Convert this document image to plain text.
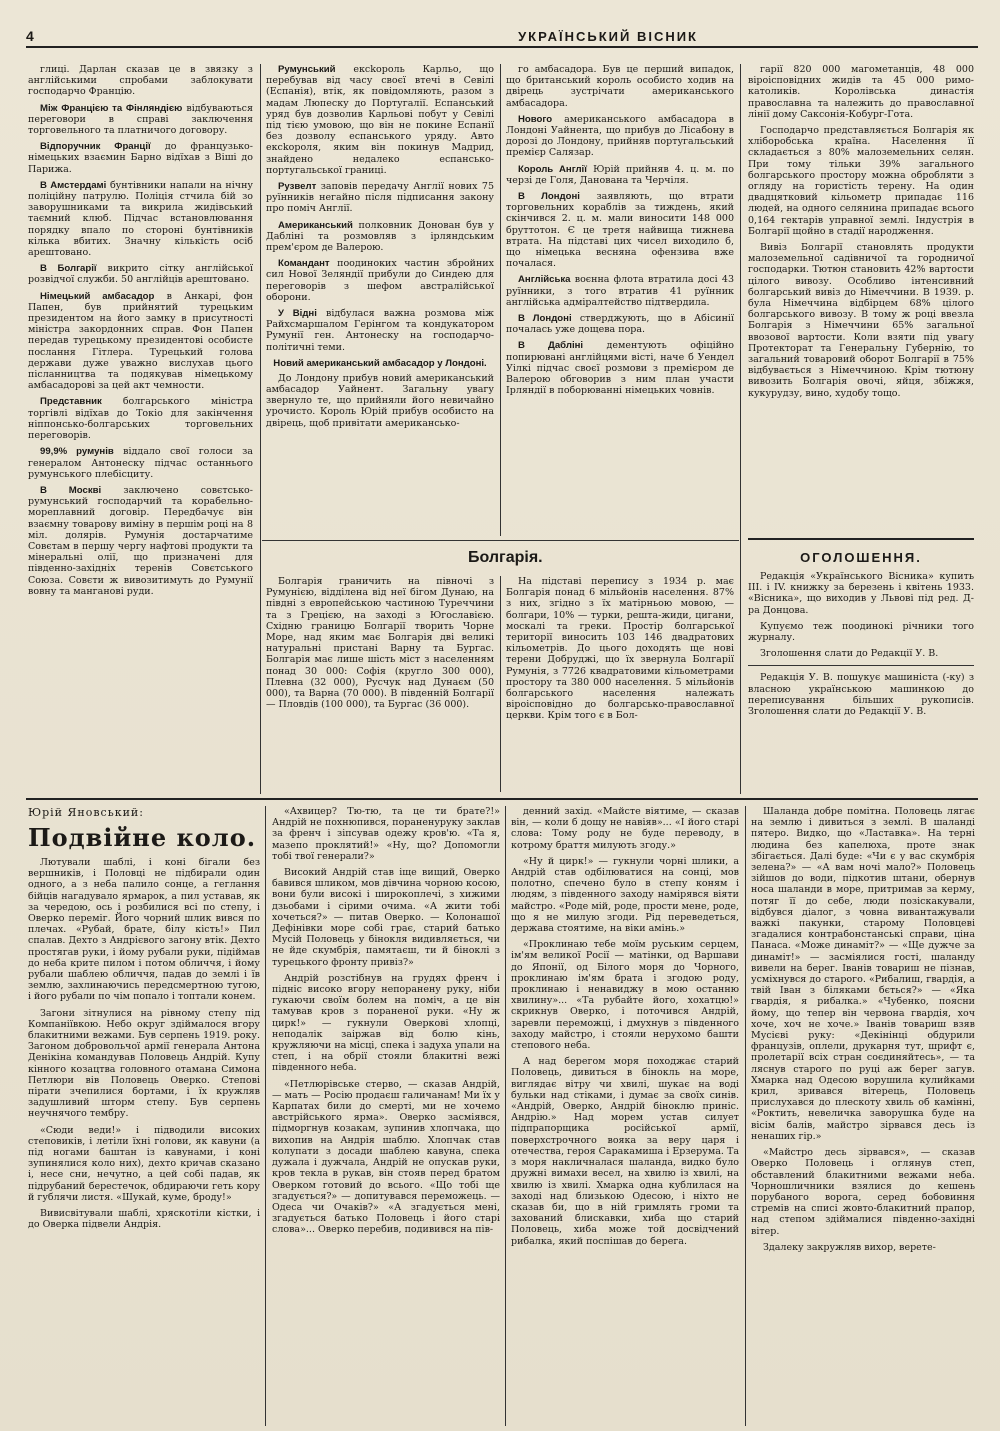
4	УКРАЇНСЬКИЙ ВІСНИК
глиці. Дарлан сказав це в звязку з англійськими спробами заблокувати господарчо Францію.
Між Францією та Фінляндією відбуваються переговори в справі заключення торговельного та платничого договору.
Відпоручник Франції до французько-німецьких взаємин Барно відїхав з Віші до Парижа.
В Амстердамі бунтівники напали на нічну поліційну патрулю. Поліція стчила бій зо заворушниками та викрила жидівський таємний клюб. Підчас встановлювання порядку впало по стороні бунтівників кілька вбитих. Значну кількість осіб арештовано.
В Болгарії викрито сітку англійської розвідчої служби. 50 англійців арештовано.
Німецький амбасадор в Анкарі, фон Папен, був прийнятий турецьким президентом на його замку в присутності міністра закордонних справ. Фон Папен передав турецькому президентові особисте послання Гітлера. Турецький голова держави дуже уважно вислухав цього післанництва та подякував німецькому амбасадорові за цей акт чемности.
Представник болгарського міністра торгівлі відїхав до Токіо для закінчення ніппонсько-болгарських торговельних переговорів.
99,9% румунів віддало свої голоси за генералом Антонеску підчас останнього румунського плебісциту.
В Москві заключено совєтсько-румунський господарчий та корабельно-мореплавний договір. Передбачує він взаємну товарову виміну в першім році на 8 міл. долярів. Румунія достарчатиме Совєтам в першу чергу нафтові продукти та мінеральні олії, що призначені для південно-західніх теренів Совєтського Союза. Совєти ж вивозитимуть до Румунії вовну та мангановi руди.
Румунський ексkороль Карльо, що перебував від часу своєї втечі в Севілі (Еспанія), втік, як повідомляють, разом з мадам Люпеску до Португалії. Еспанський уряд був дозволив Карльові побут у Севілі під тією умовою, що він не покине Еспанії без дозволу еспанського уряду. Авто ексkороля, яким він покинув Мадрид, знайдено недалеко еспансько-португальської границі.
Рузвелт заповів передачу Англії нових 75 руїнників негайно після підписання закону про поміч Англії.
Американський полковник Донован був у Дабліні та розмовляв з ірляндським прем'єром де Валерою.
Командант поодиноких частин збройних сил Нової Зеляндії прибули до Синдею для переговорів з шефом австралійської оборони.
У Відні відбулася важна розмова між Райхсмаршалом Герінгом та кондукатором Румунії ген. Антонеску на господарчо-політичні теми.
Новий американський амбасадор у Лондоні.
До Лондону прибув новий американський амбасадор Уайнент. Загальну увагу звернуло те, що прийняли його невичайно урочисто. Король Юрій прибув особисто на двірець, щоб привітати американсько-
го амбасадора. Був це перший випадок, що британський король особисто ходив на двірець зустрічати американського амбасадора.
Нового американського амбасадора в Лондоні Уайнента, що прибув до Лісабону в дорозі до Лондону, прийняв португальський премієр Салязар.
Король Англії Юрій прийняв 4. ц. м. по черзі де Голя, Данована та Черчіля.
В Лондоні заявляють, що втрати торговельних кораблів за тиждень, який скінчився 2. ц. м. мали виносити 148 000 бруттотон. Є це третя найвища тижнева втрата. На підставі цих чисел виходило б, що німецька весняна офензива вже почалася.
Англійська воєнна флота втратила досі 43 руїнники, з того втратив 41 руїнник англійська адміралтейство підтвердила.
В Лондоні стверджують, що в Абісинії почалась уже дощева пора.
В Дабліні дементують офіційно попирювані англійцями вісті, наче б Уендел Уілкі підчас своєї розмови з премієром де Валерою обговорив з ним план участи Ірляндії в поборюванні німецьких човнів.
гарії 820 000 магометанців, 48 000 віроісповідних жидів та 45 000 римо-католиків. Королівська династія православна та належить до православної лінії дому Саксонія-Кобург-Гота.
Господарчо представляється Болгарія як хліборобська країна. Населення її складається з 80% малоземельних селян. При тому тільки 39% загального болгарського простору можна обробляти з огляду на гористість терену. На один двадцятковий кільометр припадає 116 людей, на одного селянина припадає всього 0,164 гектарів управної землі. Індустрія в Болгарії щойно в стадії народження.
Вивіз Болгарії становлять продукти малоземельної садівничої та городничої господарки. Тютюн становить 42% вартости цілого вивозу. Особливо інтенсивний болгарський вивіз до Німеччини. В 1939. р. була Німеччина відбірцем 68% цілого болгарського вивозу. В тому ж році ввезла Болгарія з Німеччини 65% загальної ввозової вартости. Коли взяти під увагу Протекторат та Генеральну Губернію, то загальний товаровий оборот Болгарії в 75% відбувається з Німеччиною. Крім тютюну вивозить Болгарія овочі, яйця, збіжжя, кукурудзу, вино, худобу тощо.
Болгарія.
Болгарія граничить на півночі з Румунією, відділена від неї бігом Дунаю, на півдні з европейською частиною Туреччини та з Грецією, на заході з Югославією. Східню границю Болгарії творить Чорне Море, над яким має Болгарія дві великі натуральні пристані Варну та Бургас. Болгарія має лише шість міст з населенням понад 30 000: Софія (кругло 300 000), Плевна (32 000), Русчук над Дунаєм (50 000), та Варна (70 000). В південній Болгарії — Пловдів (100 000), та Бургас (36 000).
На підставі перепису з 1934 р. має Болгарія понад 6 мільйонів населення. 87% з них, згідно з їх матірньою мовою, — болгари, 10% — турки, решта-жиди, цигани, москалі та греки. Простір болгарської території виносить 103 146 двадратових кільометрів. До цього доходять ще нові терени Добруджі, що їх звернула Болгарії Румунія, з 7726 квадратовими кільометрами простору та 380 000 населення. 5 мільйонів болгарського населення належать віроісповідно до болгарсько-православної церкви. Крім того є в Бол-
ОГОЛОШЕННЯ.
Редакція «Українського Вісника» купить III. і IV. книжку за березень і квітень 1933. «Вісника», що виходив у Львові під ред. Д-ра Донцова.
Купуємо теж поодинокі річники того журналу.
Зголошення слати до Редакції У. В.
Редакція У. В. пошукує машиніста (-ку) з власною українською машинкою до переписування більших рукописів. Зголошення слати до Редакції У. В.
Юрій Яновський:
Подвійне коло.
Лютували шаблі, і коні бігали без вершників, і Половці не підбирали один одного, а з неба палило сонце, а геглання бійців нагадувало ярмарок, а пил уставав, як за чередою, ось і розбилися всі по степу, і Оверко переміг. Його чорний шлик вився по плечах. «Рубай, брате, білу кість!» Пил спалав. Дехто з Андрієвого загону втік. Дехто простягав руки, і йому рубали руки, підіймав до неба крите пилом і потом обличчя, і йому рубали шаблею обличчя, падав до землі і їв землю, захлинаючись передсмертною тугою, і його рубали по чім попало і топтали конем.
Загони зітнулися на рівному степу під Компаніївкою. Небо округ здіймалося вгору блакитними вежами. Був серпень 1919. року. Загоном добровольчої армії генерала Антона Денікіна командував Половець Андрій. Купу кінного козацтва головного отамана Симона Петлюри вів Половець Оверко. Степові пірати зчепилися бортами, і їх кружляв задушливий шторм степу. Був серпень неучнячого тембру.
«Сюди веди!» і підводили високих степовиків, і летіли їхні голови, як кавуни (а під ногами баштан із кавунами, і коні зупинялися коло них), дехто кричав сказано і, несе сни, нечутно, а цей собі падав, як підрубаний берестечок, обдираючи геть кору й гублячи листя. «Шукай, куме, броду!»
Вивисвітували шаблі, хряскотіли кістки, і до Оверка підвели Андрія.
«Ахвицер? Тю-тю, та це ти брате?!» Андрій не похнюпився, пораненуруку заклав за френч і зіпсував одежу кров'ю. «Та я, мазепо проклятий!» «Ну, що? Допомогли тобі твої генерали?»
Високий Андрій став іще вищий, Оверко бавився шликом, мов дівчина чорною косою, вони були високі і широкоплечі, з хижими дзьобами і сірими очима. «А жити тобі хочеться?» — питав Оверко. — Колонашої Дефінівки море собі грає, старий батько Мусій Половець у бінокля видивляється, чи не йде скумбрія, памятаєш, ти й біноклі з турецького фронту привіз?»
Андрій розстібнув на грудях френч і підніс високо вгору непоранену руку, ніби гукаючи своїм болем на поміч, а це він тамував кров з пораненої руки. «Ну ж цирк!» — гукнули Оверкові хлопці, неподалік заіржав від болю кінь, кружляючи на місці, спека і задуха упали на степ, і на обрії стояли блакитні вежі південного неба.
«Петлюрівське стерво, — сказав Андрій, — мать — Росію продаєш галичанам! Ми їх у Карпатах били до смерті, ми не хочемо австрійського ярма». Оверко засміявся, підморгнув козакам, зупинив хлопчака, що вихопив на Андрія шаблю. Хлопчак став колупати з досади шаблею кавуна, спека дужала і дужчала, Андрій не опускав руки, кров текла в рукав, він стояв перед братом Оверком готовий до всього. «Що тобі ще згадується?» — допитувався переможець. — Одеса чи Очаків?» «А згадується мені, згадується батько Половець і його старі слова»... Оверко перебив, подивився на пів-
денний захід. «Майсте вiятиме, — сказав він, — коли б дощу не навіяв»... «І його старі слова: Тому роду не буде переводу, в котрому браття милують згоду.»
«Ну й цирк!» — гукнули чорні шлики, а Андрій став одбілюватися на сонці, мов полотно, спечено було в степу коням і людям, з південного заходу намірявся віяти майстро. «Роде мій, роде, прости мене, роде, що я не милую згоди. Рід переведеться, держава стоятиме, на віки амінь.»
«Проклинаю тебе моїм руським серцем, ім'ям великої Росії — матінки, од Варшави до Японії, од Білого моря до Чорного, проклинаю ім'ям брата і згодою роду, проклинаю і ненавиджу в мою останню хвилину»... «Та рубайте його, хохатцю!» скрикнув Оверко, і поточився Андрій, заревли переможці, і дмухнув з південного заходу майстро, і стояли нерухомо башти степового неба.
А над берегом моря походжає старий Половець, дивиться в бінокль на море, виглядає вітру чи хвилі, шукає на воді бульки над стіками, і думає за своїх синів. «Андрій, Оверко, Андрій біноклю приніс. Андрію.» Над морем устав силует підпрапорщика російської армії, поверхстрочного вояка за веру царя і отечества, героя Саракамиша і Ерзерума. Та з моря накличналася шаланда, видко було дружні вимахи весел, на хвилю із хвилі, на хвилю із хвилі. Хмарка одна кублилася на заході над близькою Одесою, і ніхто не сказав би, що в ній гримлять громи та захований блискавки, хиба що старий Половець, хиба може той досвідчений рибалка, який поспішав до берега.
Шаланда добре помітна. Половець лягає на землю і дивиться з землі. В шаланді пятеро. Видко, що «Ластавка». На терні людина без капелюха, проте знак збігається. Далі буде: «Чи є у вас скумбрія зелена?» — «А вам ночі мало?» Половець зійшов до води, підкотив штани, обернув носа шаланди в море, притримав за керму, потяг її до себе, люди позіскакували, відбувся діалог, з човна вивантажували важкі пакунки, старому Половцеві згадалися контрабонстанські справи, ціна Панаса. «Може динаміт?» — «Ще дужче за динаміт!» — засміялися гості, шаланду вивели на берег. Іванів товариш не пізнав, усміхнувся до старого. «Рибалиш, гвардія, а твій Іван з біляками бється?» — «Яка гвардія, я рибалка.» «Чубенко, поясни йому, що тепер він червона гвардія, хоч хоче, хоч не хоче.» Іванів товариш взяв Мусієві руку: «Декінінці обдурили французів, оплели, друкарня тут, шрифт є, пролетарії всіх стран соєдиняйтесь», — та ляснув старого по руці аж берег загув. Хмарка над Одесою ворушила кулийками крил, зривався вітерець, Половець прислухався до плескоту хвиль об камінні, «Роктить, невеличка заворушка буде на вісім балів, майстро зірвався десь із ненаших гір.»
«Майстро десь зірвався», — сказав Оверко Половець і оглянув степ, обставлений блакитними вежами неба. Чорношличники взялися до кешень порубаного ворога, серед бобовиння стремів на списі жовто-блакитний прапор, над степом здіймалися південно-західні вітер.
Здалеку закружляв вихор, верете-
